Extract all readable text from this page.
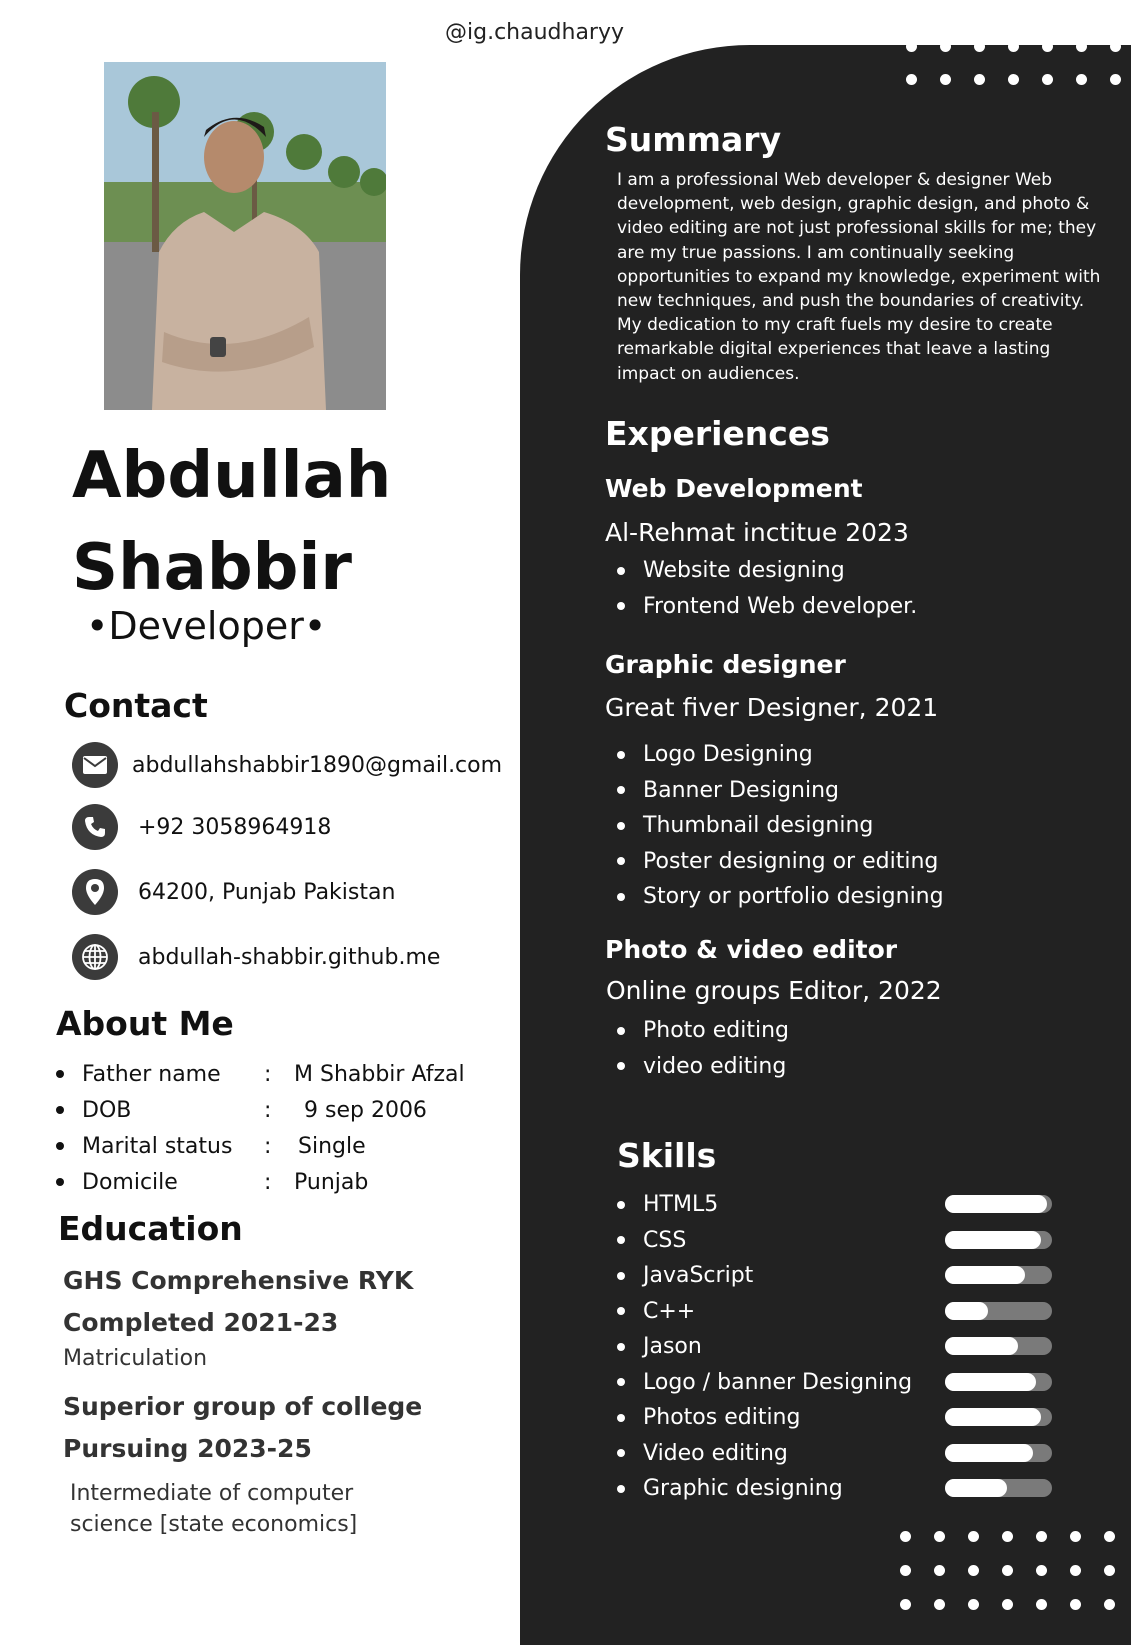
@ig.chaudharyy
Abdullah
Shabbir
•Developer•
Contact
abdullahshabbir1890@gmail.com
+92 3058964918
64200, Punjab Pakistan
abdullah-shabbir.github.me
About Me
Father name	:	M Shabbir Afzal
DOB	:	9 sep 2006
Marital status	:	Single
Domicile	:	Punjab
Education
GHS Comprehensive RYK
Completed 2021-23
Matriculation
Superior group of college
Pursuing 2023-25
Intermediate of computer
science [state economics]
Summary
I am a professional Web developer & designer Web development, web design, graphic design, and photo & video editing are not just professional skills for me; they are my true passions. I am continually seeking opportunities to expand my knowledge, experiment with new techniques, and push the boundaries of creativity. My dedication to my craft fuels my desire to create remarkable digital experiences that leave a lasting impact on audiences.
Experiences
Web Development
Al-Rehmat inctitue 2023
Website designing
Frontend Web developer.
Graphic designer
Great fiver Designer, 2021
Logo Designing
Banner Designing
Thumbnail designing
Poster designing or editing
Story or portfolio designing
Photo & video editor
Online groups Editor, 2022
Photo editing
video editing
Skills
HTML5
CSS
JavaScript
C++
Jason
Logo / banner Designing
Photos editing
Video editing
Graphic designing
